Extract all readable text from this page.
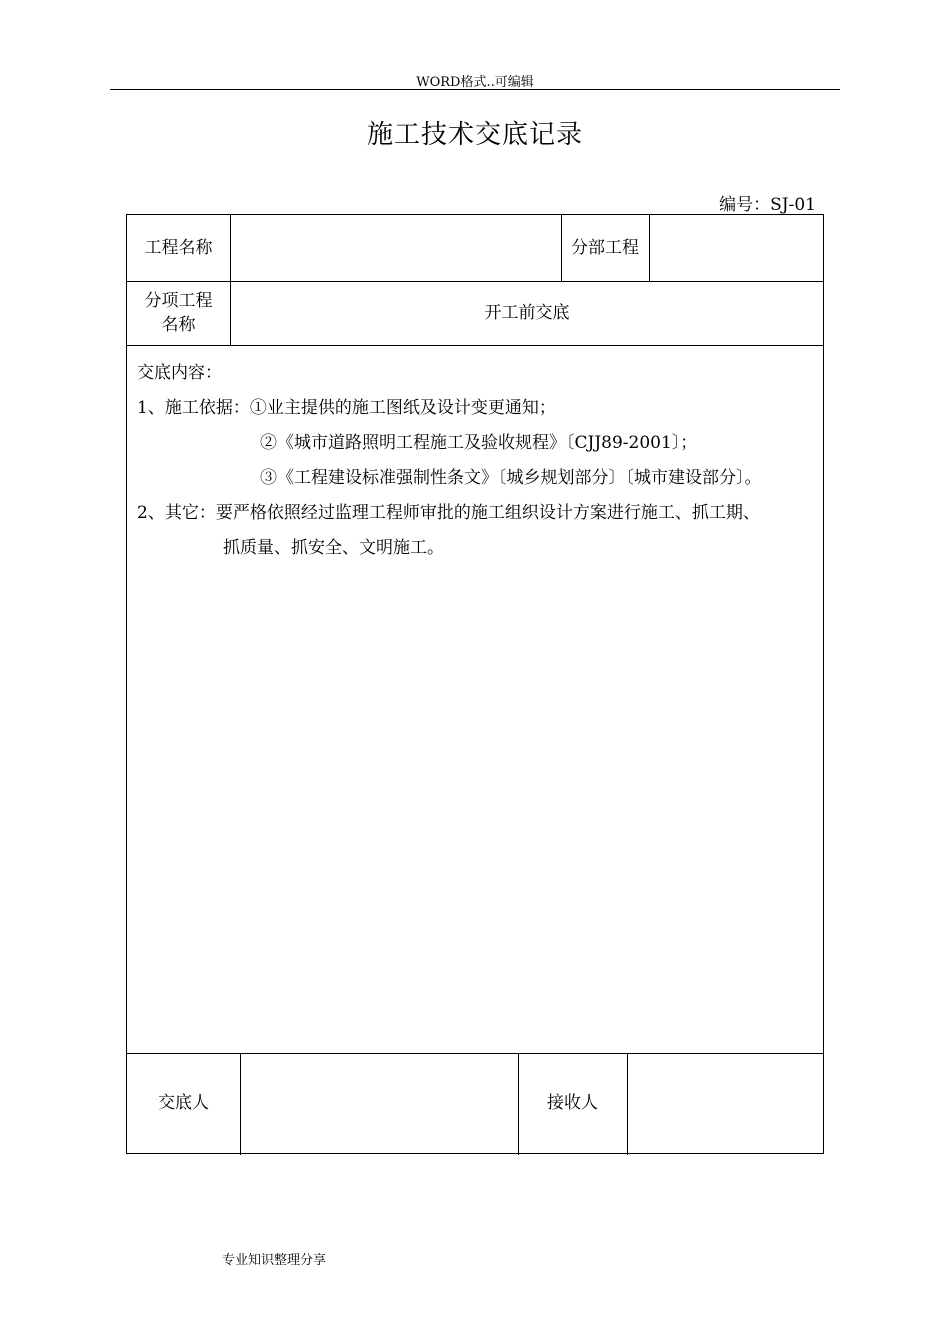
WORD格式..可编辑
施工技术交底记录
编号：SJ-01
工程名称	分部工程
分项工程
名称
开工前交底
交底内容：
1、施工依据：①业主提供的施工图纸及设计变更通知；
②《城市道路照明工程施工及验收规程》〔CJJ89-2001〕；
③《工程建设标准强制性条文》〔城乡规划部分〕〔城市建设部分〕。
2、其它：要严格依照经过监理工程师审批的施工组织设计方案进行施工、抓工期、
抓质量、抓安全、文明施工。
交底人	接收人
专业知识整理分享
